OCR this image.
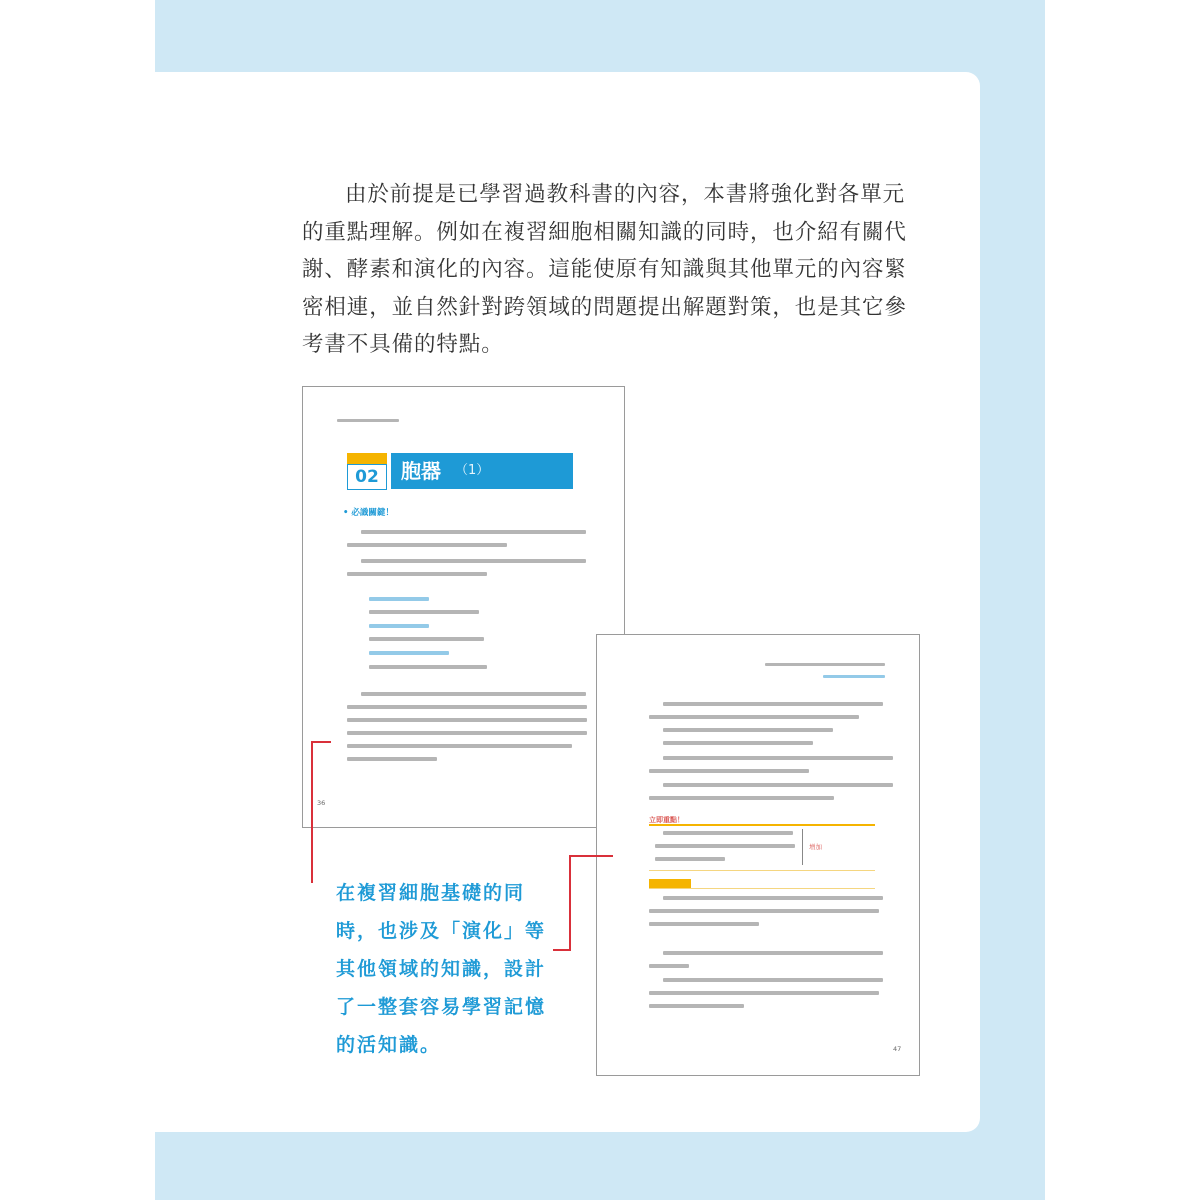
由於前提是已學習過教科書的內容，本書將強化對各單元的重點理解。例如在複習細胞相關知識的同時，也介紹有關代謝、酵素和演化的內容。這能使原有知識與其他單元的內容緊密相連，並自然針對跨領域的問題提出解題對策，也是其它參考書不具備的特點。

02	胞器 （1）
• 必識關鍵！
36
立即重點！
增加
47

在複習細胞基礎的同時，也涉及「演化」等其他領域的知識，設計了一整套容易學習記憶的活知識。
